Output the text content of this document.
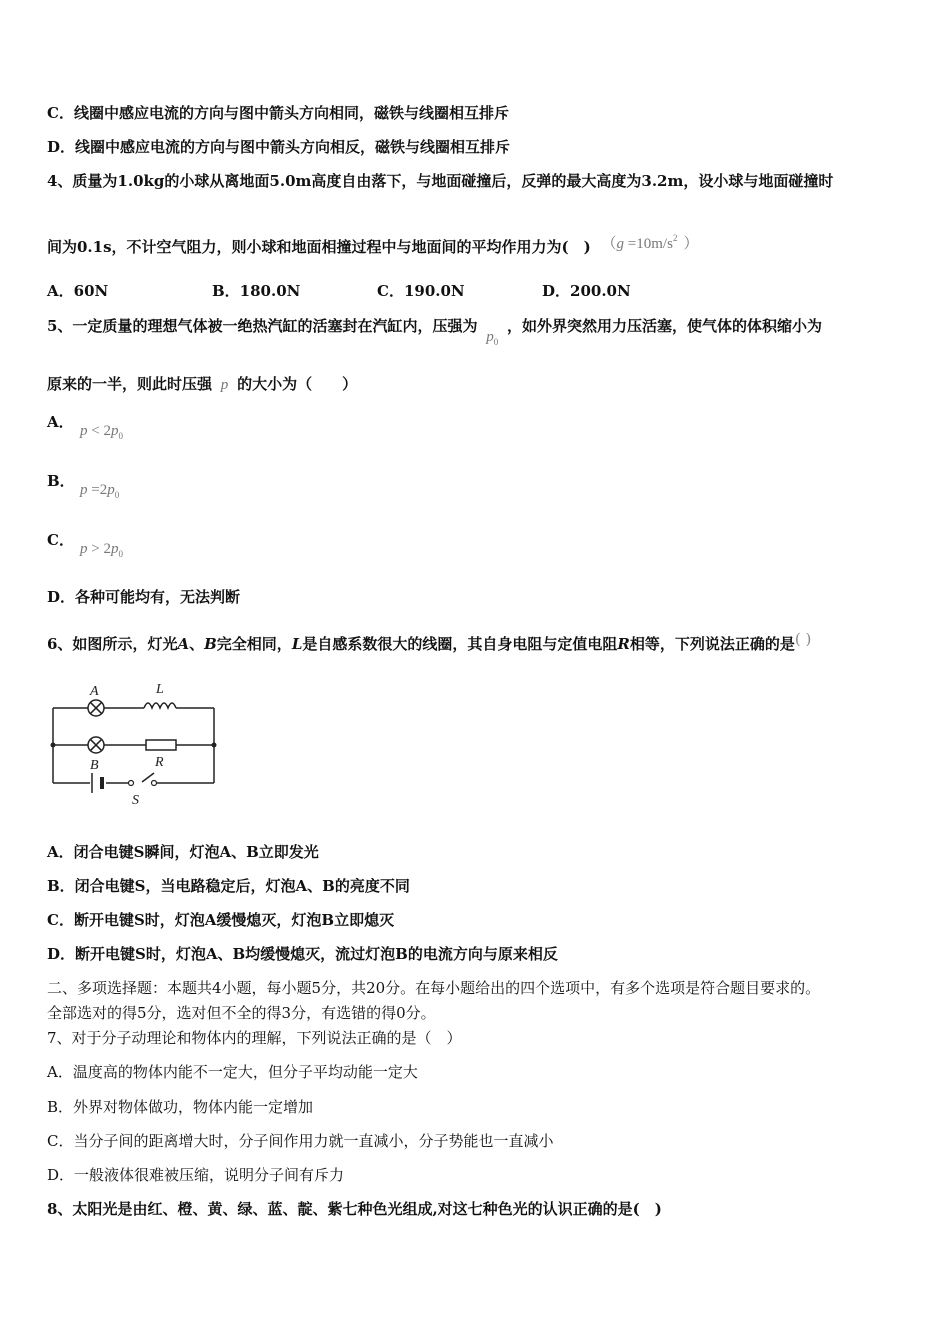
C．线圈中感应电流的方向与图中箭头方向相同，磁铁与线圈相互排斥
D．线圈中感应电流的方向与图中箭头方向相反，磁铁与线圈相互排斥
4、质量为1.0kg的小球从离地面5.0m高度自由落下，与地面碰撞后，反弹的最大高度为3.2m，设小球与地面碰撞时
间为0.1s，不计空气阻力，则小球和地面相撞过程中与地面间的平均作用力为(　) （$g =10m/s^2$ ）
A．60N	B．180.0N	C．190.0N	D．200.0N
5、一定质量的理想气体被一绝热汽缸的活塞封在汽缸内，压强为 $p_0$ ，如外界突然用力压活塞，使气体的体积缩小为
原来的一半，则此时压强 p 的大小为（　　）
A． $p < 2p_0$
B． $p =2p_0$
C． $p > 2p_0$
D．各种可能均有，无法判断
6、如图所示，灯光A、B完全相同，L是自感系数很大的线圈，其自身电阻与定值电阻R相等，下列说法正确的是( )
A	L
B	R
S
A．闭合电键S瞬间，灯泡A、B立即发光
B．闭合电键S，当电路稳定后，灯泡A、B的亮度不同
C．断开电键S时，灯泡A缓慢熄灭，灯泡B立即熄灭
D．断开电键S时，灯泡A、B均缓慢熄灭，流过灯泡B的电流方向与原来相反
二、多项选择题：本题共4小题，每小题5分，共20分。在每小题给出的四个选项中，有多个选项是符合题目要求的。
全部选对的得5分，选对但不全的得3分，有选错的得0分。
7、对于分子动理论和物体内的理解，下列说法正确的是（　）
A．温度高的物体内能不一定大，但分子平均动能一定大
B．外界对物体做功，物体内能一定增加
C．当分子间的距离增大时，分子间作用力就一直减小，分子势能也一直减小
D．一般液体很难被压缩，说明分子间有斥力
8、太阳光是由红、橙、黄、绿、蓝、靛、紫七种色光组成,对这七种色光的认识正确的是(　)
